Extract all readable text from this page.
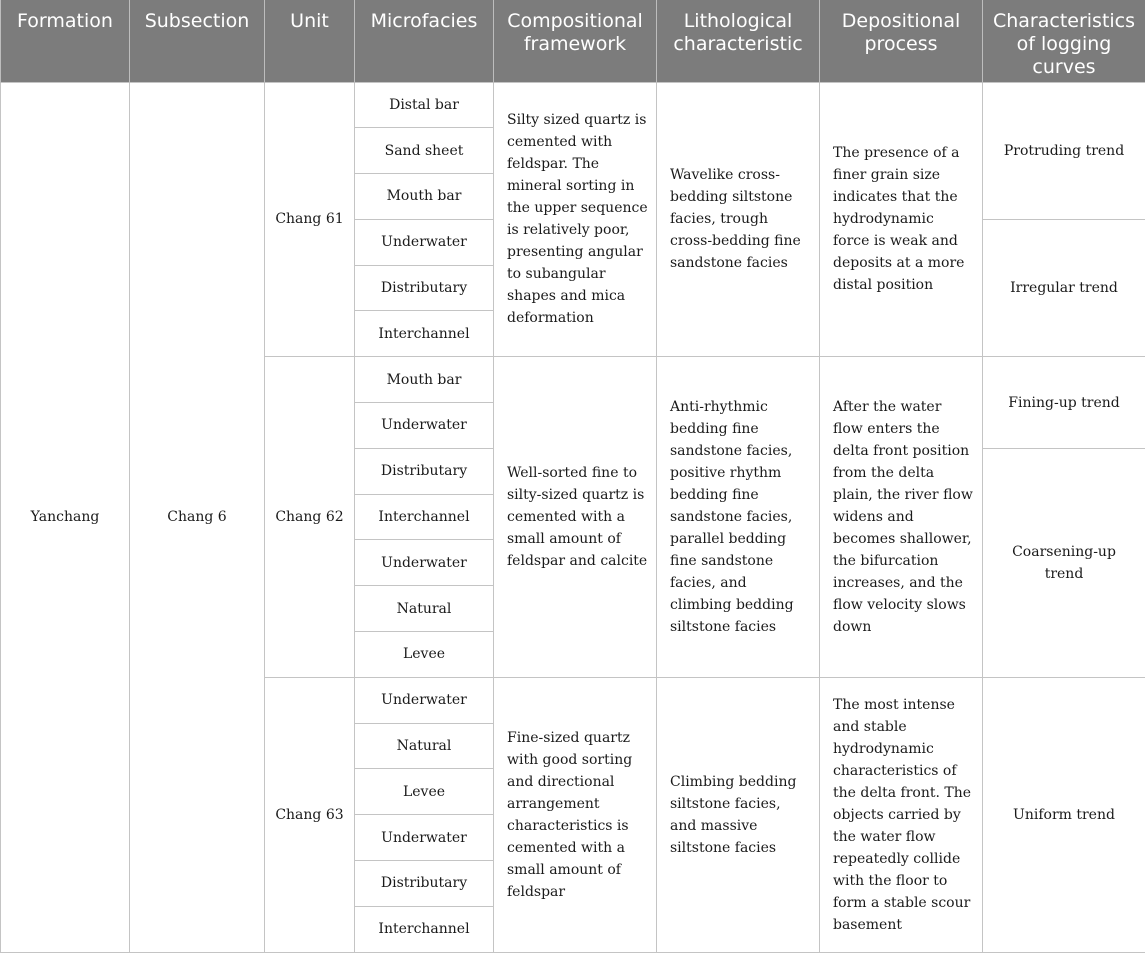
Formation	Subsection	Unit	Microfacies	Compositional framework	Lithological characteristic	Depositional process	Characteristics of logging curves
Yanchang	Chang 6	Chang 61	Distal bar	Silty sized quartz is cemented with feldspar. The mineral sorting in the upper sequence is relatively poor, presenting angular to subangular shapes and mica deformation	Wavelike cross-bedding siltstone facies, trough cross-bedding fine sandstone facies	The presence of a finer grain size indicates that the hydrodynamic force is weak and deposits at a more distal position	Protruding trend
			Sand sheet				
			Mouth bar				
			Underwater				Irregular trend
			Distributary				
			Interchannel				
		Chang 62	Mouth bar	Well-sorted fine to silty-sized quartz is cemented with a small amount of feldspar and calcite	Anti-rhythmic bedding fine sandstone facies, positive rhythm bedding fine sandstone facies, parallel bedding fine sandstone facies, and climbing bedding siltstone facies	After the water flow enters the delta front position from the delta plain, the river flow widens and becomes shallower, the bifurcation increases, and the flow velocity slows down	Fining-up trend
			Underwater				
			Distributary				Coarsening-up trend
			Interchannel				
			Underwater				
			Natural				
			Levee				
		Chang 63	Underwater	Fine-sized quartz with good sorting and directional arrangement characteristics is cemented with a small amount of feldspar	Climbing bedding siltstone facies, and massive siltstone facies	The most intense and stable hydrodynamic characteristics of the delta front. The objects carried by the water flow repeatedly collide with the floor to form a stable scour basement	Uniform trend
			Natural				
			Levee				
			Underwater				
			Distributary				
			Interchannel				
